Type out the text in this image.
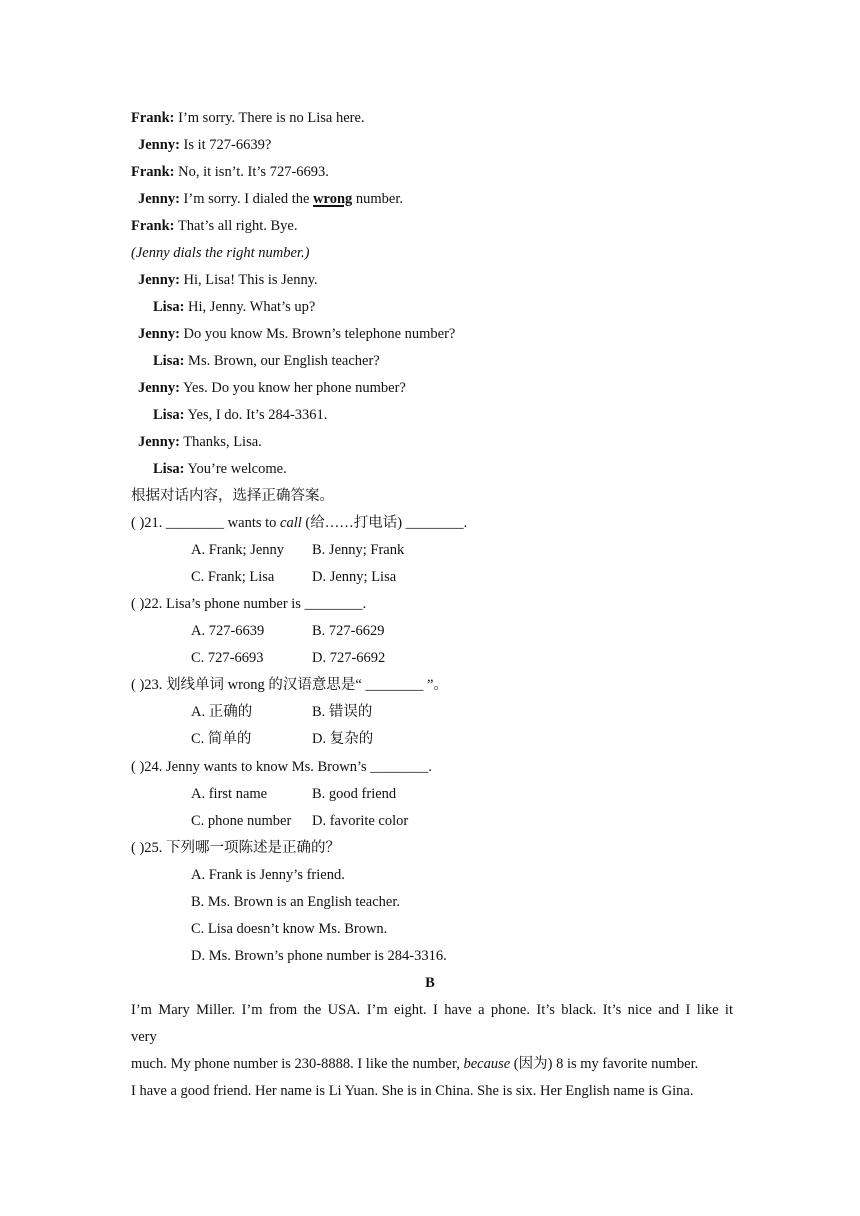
Frank: I’m sorry. There is no Lisa here.
Jenny: Is it 727-6639?
Frank: No, it isn’t. It’s 727-6693.
Jenny: I’m sorry. I dialed the wrong number.
Frank: That’s all right. Bye.
(Jenny dials the right number.)
Jenny: Hi, Lisa! This is Jenny.
Lisa: Hi, Jenny. What’s up?
Jenny: Do you know Ms. Brown’s telephone number?
Lisa: Ms. Brown, our English teacher?
Jenny: Yes. Do you know her phone number?
Lisa: Yes, I do. It’s 284-3361.
Jenny: Thanks, Lisa.
Lisa: You’re welcome.
根据对话内容，选择正确答案。
( )21. ________ wants to call (给……打电话) ________.
A. Frank; Jenny B. Jenny; Frank
C. Frank; Lisa	D. Jenny; Lisa
( )22. Lisa’s phone number is ________.
A. 727-6639	B. 727-6629
C. 727-6693	D. 727-6692
( )23. 划线单词 wrong 的汉语意思是“ ________ ”。
A. 正确的	B. 错误的
C. 简单的	D. 复杂的
( )24. Jenny wants to know Ms. Brown’s ________.
A. first name	B. good friend
C. phone number D. favorite color
( )25. 下列哪一项陈述是正确的？
A. Frank is Jenny’s friend.
B. Ms. Brown is an English teacher.
C. Lisa doesn’t know Ms. Brown.
D. Ms. Brown’s phone number is 284-3316.
B
I’m Mary Miller. I’m from the USA. I’m eight. I have a phone. It’s black. It’s nice and I like it
very
much. My phone number is 230-8888. I like the number, because (因为) 8 is my favorite number.
I have a good friend. Her name is Li Yuan. She is in China. She is six. Her English name is Gina.
